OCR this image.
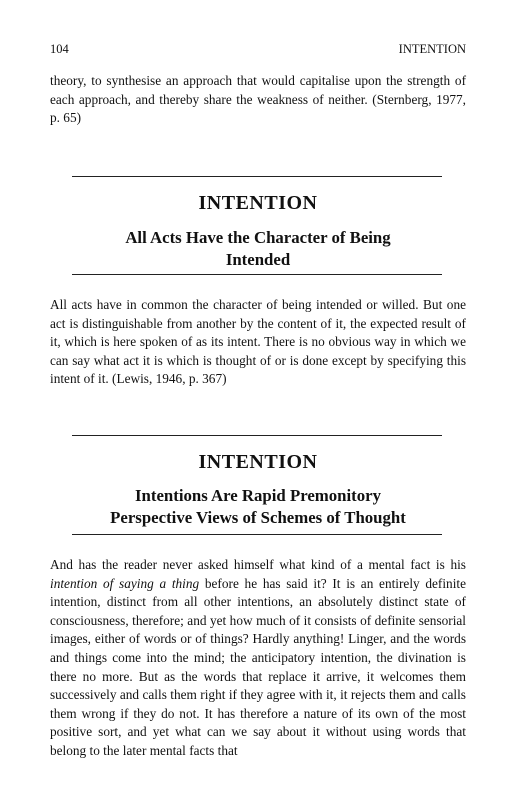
104	INTENTION

theory, to synthesise an approach that would capitalise upon the strength of each approach, and thereby share the weakness of neither. (Sternberg, 1977, p. 65)

INTENTION
All Acts Have the Character of Being
Intended

All acts have in common the character of being intended or willed. But one act is distinguishable from another by the content of it, the expected result of it, which is here spoken of as its intent. There is no obvious way in which we can say what act it is which is thought of or is done except by specifying this intent of it. (Lewis, 1946, p. 367)

INTENTION
Intentions Are Rapid Premonitory
Perspective Views of Schemes of Thought

And has the reader never asked himself what kind of a mental fact is his intention of saying a thing before he has said it? It is an entirely definite intention, distinct from all other intentions, an absolutely distinct state of consciousness, therefore; and yet how much of it consists of definite sensorial images, either of words or of things? Hardly anything! Linger, and the words and things come into the mind; the anticipatory intention, the divination is there no more. But as the words that replace it arrive, it welcomes them successively and calls them right if they agree with it, it rejects them and calls them wrong if they do not. It has therefore a nature of its own of the most positive sort, and yet what can we say about it without using words that belong to the later mental facts that
